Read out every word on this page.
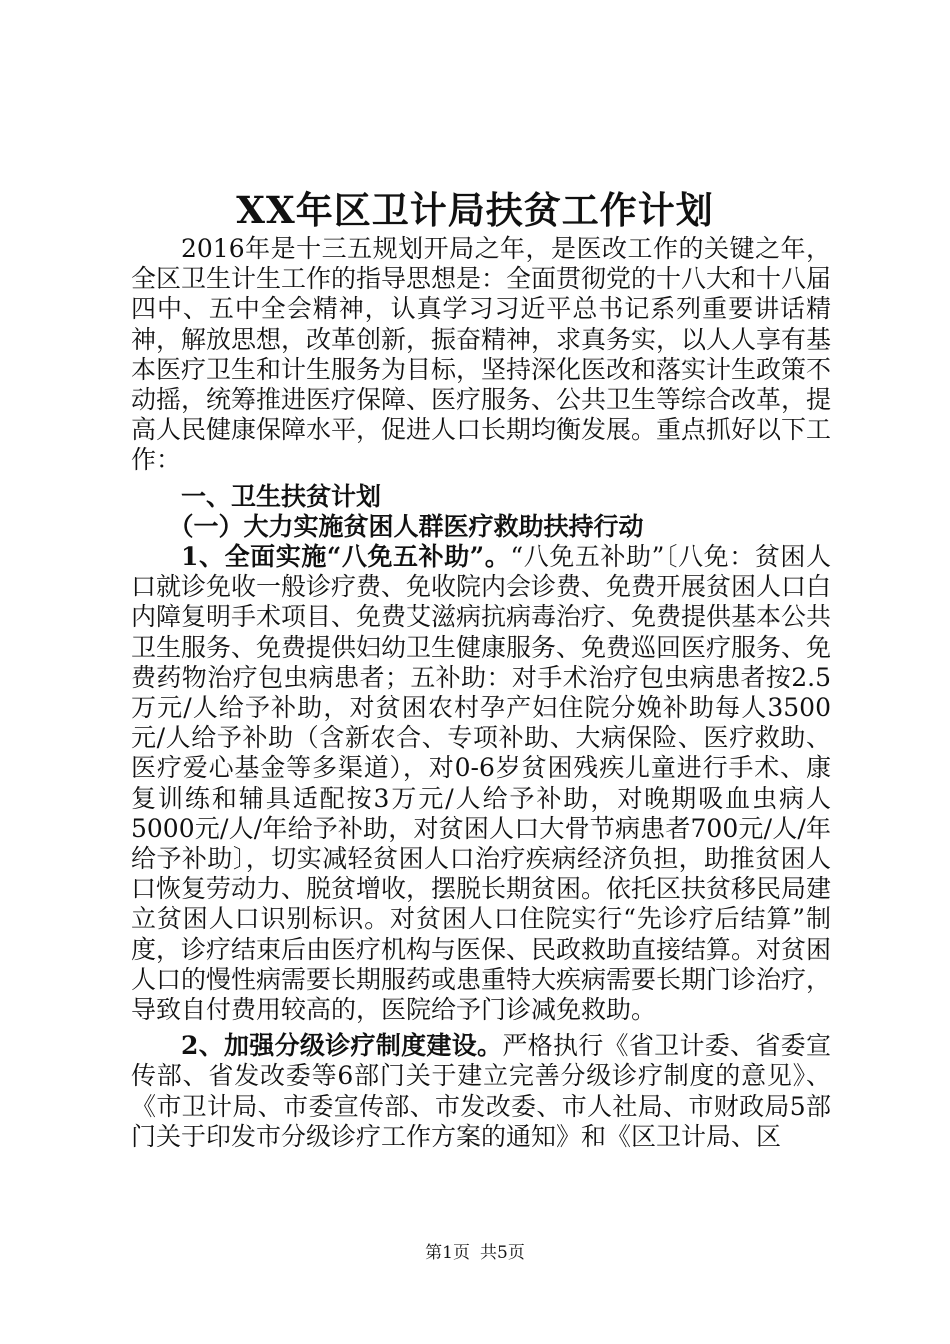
XX年区卫计局扶贫工作计划

2016年是十三五规划开局之年，是医改工作的关键之年，全区卫生计生工作的指导思想是：全面贯彻党的十八大和十八届四中、五中全会精神，认真学习习近平总书记系列重要讲话精神，解放思想，改革创新，振奋精神，求真务实，以人人享有基本医疗卫生和计生服务为目标，坚持深化医改和落实计生政策不动摇，统筹推进医疗保障、医疗服务、公共卫生等综合改革，提高人民健康保障水平，促进人口长期均衡发展。重点抓好以下工作：

一、卫生扶贫计划

（一）大力实施贫困人群医疗救助扶持行动

1、全面实施“八免五补助”。“八免五补助”〔八免：贫困人口就诊免收一般诊疗费、免收院内会诊费、免费开展贫困人口白内障复明手术项目、免费艾滋病抗病毒治疗、免费提供基本公共卫生服务、免费提供妇幼卫生健康服务、免费巡回医疗服务、免费药物治疗包虫病患者；五补助：对手术治疗包虫病患者按2.5万元/人给予补助，对贫困农村孕产妇住院分娩补助每人3500元/人给予补助（含新农合、专项补助、大病保险、医疗救助、医疗爱心基金等多渠道），对0-6岁贫困残疾儿童进行手术、康复训练和辅具适配按3万元/人给予补助，对晚期吸血虫病人5000元/人/年给予补助，对贫困人口大骨节病患者700元/人/年给予补助〕，切实减轻贫困人口治疗疾病经济负担，助推贫困人口恢复劳动力、脱贫增收，摆脱长期贫困。依托区扶贫移民局建立贫困人口识别标识。对贫困人口住院实行“先诊疗后结算”制度，诊疗结束后由医疗机构与医保、民政救助直接结算。对贫困人口的慢性病需要长期服药或患重特大疾病需要长期门诊治疗，导致自付费用较高的，医院给予门诊减免救助。

2、加强分级诊疗制度建设。严格执行《省卫计委、省委宣传部、省发改委等6部门关于建立完善分级诊疗制度的意见》、《市卫计局、市委宣传部、市发改委、市人社局、市财政局5部门关于印发市分级诊疗工作方案的通知》和《区卫计局、区

第1页 共5页
